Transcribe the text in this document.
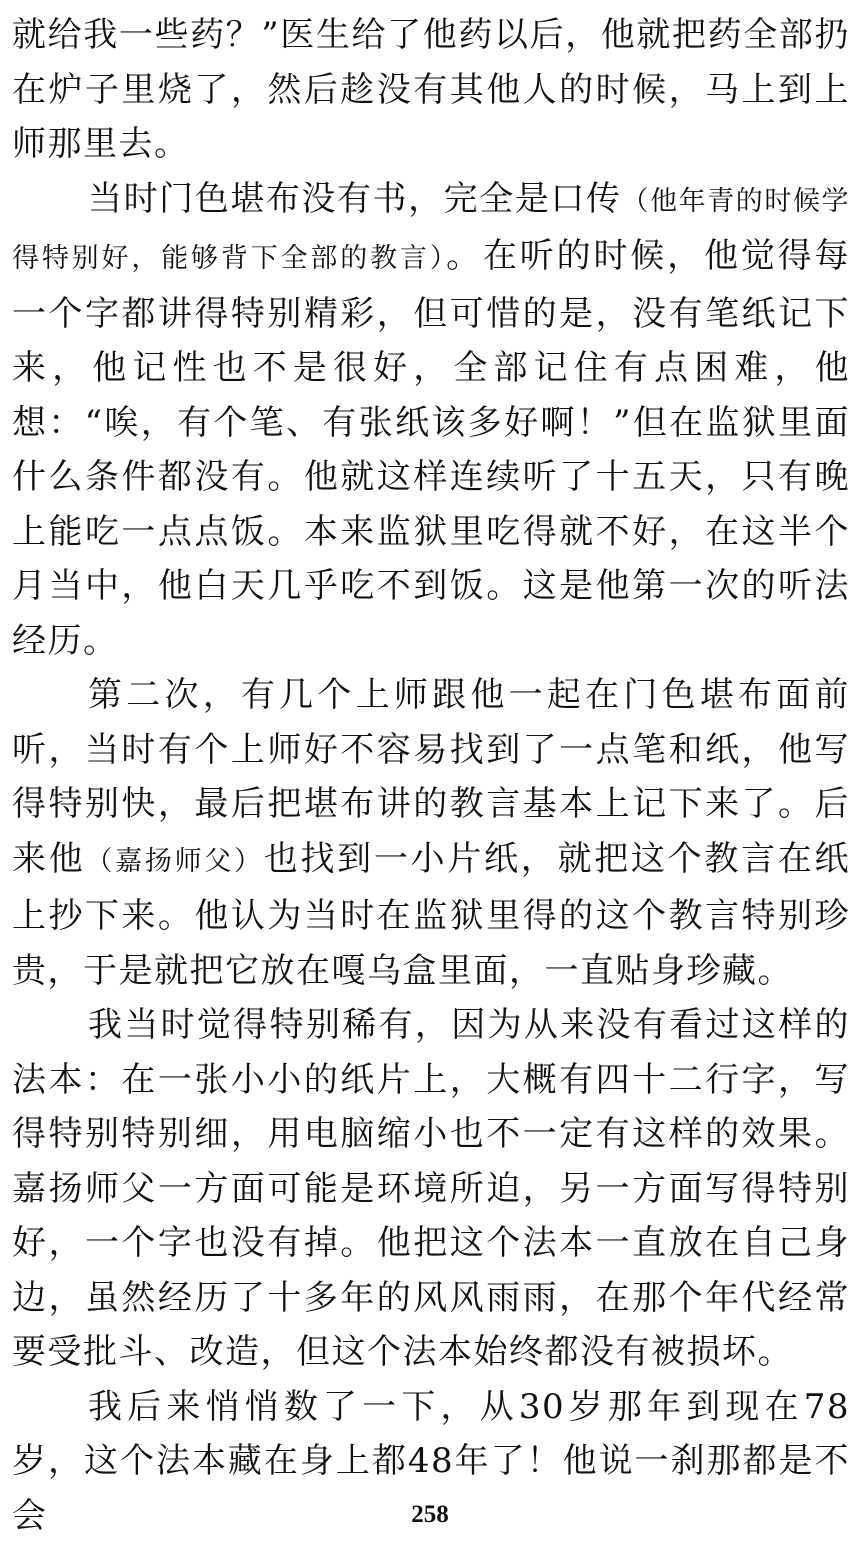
就给我一些药？”医生给了他药以后，他就把药全部扔在炉子里烧了，然后趁没有其他人的时候，马上到上师那里去。

当时门色堪布没有书，完全是口传（他年青的时候学得特别好，能够背下全部的教言）。在听的时候，他觉得每一个字都讲得特别精彩，但可惜的是，没有笔纸记下来，他记性也不是很好，全部记住有点困难，他想：“唉，有个笔、有张纸该多好啊！”但在监狱里面什么条件都没有。他就这样连续听了十五天，只有晚上能吃一点点饭。本来监狱里吃得就不好，在这半个月当中，他白天几乎吃不到饭。这是他第一次的听法经历。

第二次，有几个上师跟他一起在门色堪布面前听，当时有个上师好不容易找到了一点笔和纸，他写得特别快，最后把堪布讲的教言基本上记下来了。后来他（嘉扬师父）也找到一小片纸，就把这个教言在纸上抄下来。他认为当时在监狱里得的这个教言特别珍贵，于是就把它放在嘎乌盒里面，一直贴身珍藏。

我当时觉得特别稀有，因为从来没有看过这样的法本：在一张小小的纸片上，大概有四十二行字，写得特别特别细，用电脑缩小也不一定有这样的效果。嘉扬师父一方面可能是环境所迫，另一方面写得特别好，一个字也没有掉。他把这个法本一直放在自己身边，虽然经历了十多年的风风雨雨，在那个年代经常要受批斗、改造，但这个法本始终都没有被损坏。

我后来悄悄数了一下，从30岁那年到现在78岁，这个法本藏在身上都48年了！他说一刹那都是不会	258
